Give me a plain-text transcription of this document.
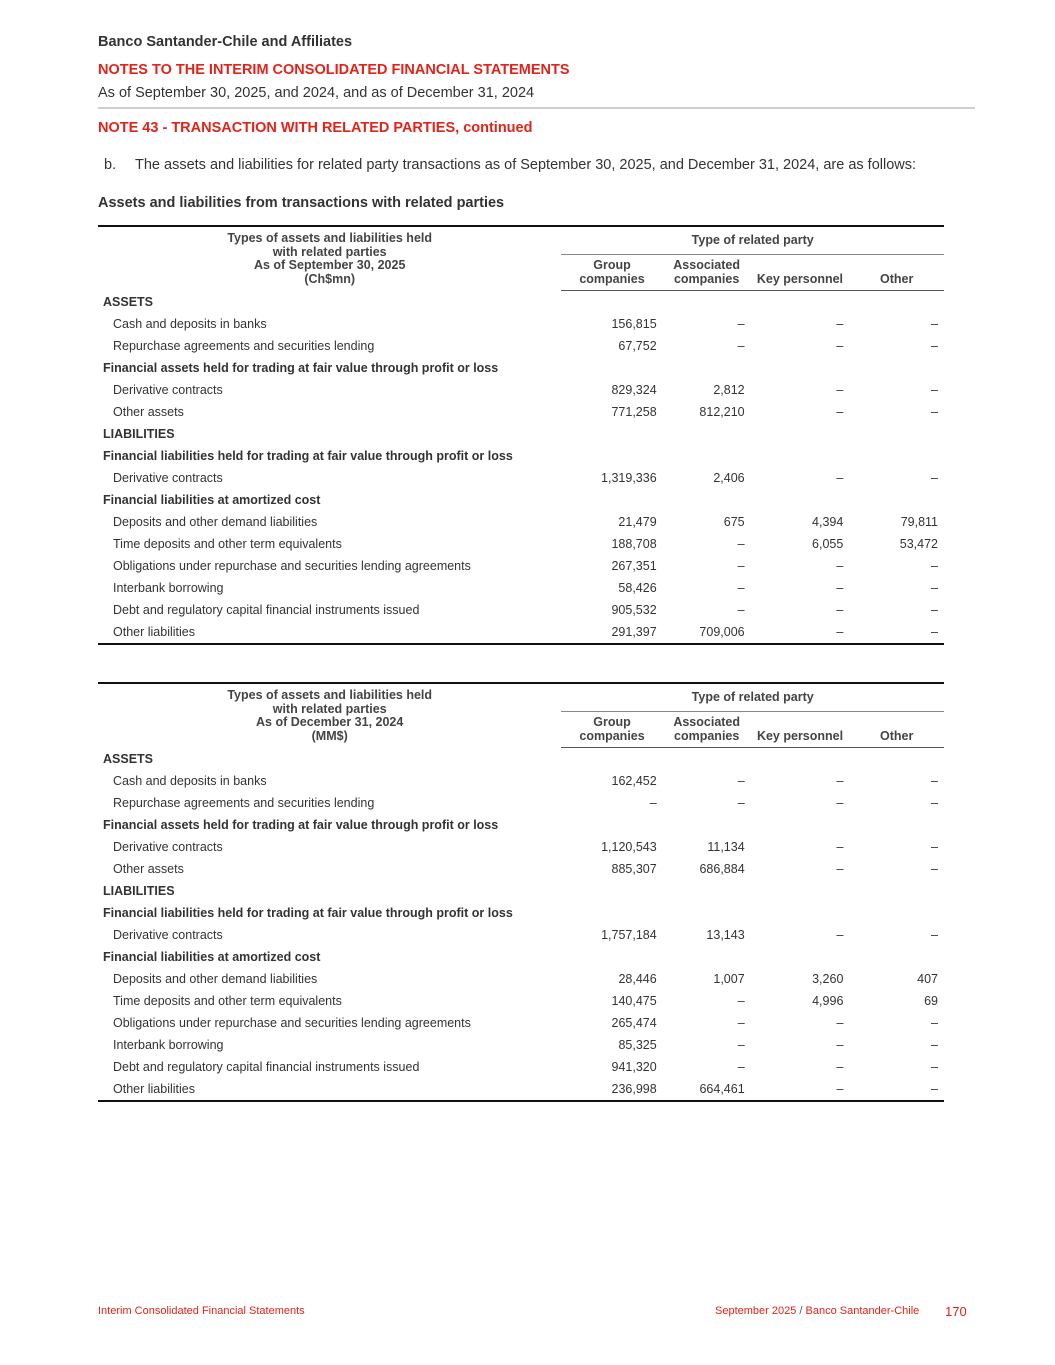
Banco Santander-Chile and Affiliates
NOTES TO THE INTERIM CONSOLIDATED FINANCIAL STATEMENTS
As of September 30, 2025, and 2024, and as of December 31, 2024
NOTE 43 - TRANSACTION WITH RELATED PARTIES, continued
b. The assets and liabilities for related party transactions as of September 30, 2025, and December 31, 2024, are as follows:
Assets and liabilities from transactions with related parties
Types of assets and liabilities held
with related parties
As of September 30, 2025
(Ch$mn)	Type of related party			
	Group companies	Associated companies	Key personnel	Other
ASSETS				
Cash and deposits in banks	156,815	–	–	–
Repurchase agreements and securities lending	67,752	–	–	–
Financial assets held for trading at fair value through profit or loss				
Derivative contracts	829,324	2,812	–	–
Other assets	771,258	812,210	–	–
LIABILITIES				
Financial liabilities held for trading at fair value through profit or loss				
Derivative contracts	1,319,336	2,406	–	–
Financial liabilities at amortized cost				
Deposits and other demand liabilities	21,479	675	4,394	79,811
Time deposits and other term equivalents	188,708	–	6,055	53,472
Obligations under repurchase and securities lending agreements	267,351	–	–	–
Interbank borrowing	58,426	–	–	–
Debt and regulatory capital financial instruments issued	905,532	–	–	–
Other liabilities	291,397	709,006	–	–
Types of assets and liabilities held
with related parties
As of December 31, 2024
(MM$)	Type of related party			
	Group companies	Associated companies	Key personnel	Other
ASSETS				
Cash and deposits in banks	162,452	–	–	–
Repurchase agreements and securities lending	–	–	–	–
Financial assets held for trading at fair value through profit or loss				
Derivative contracts	1,120,543	11,134	–	–
Other assets	885,307	686,884	–	–
LIABILITIES				
Financial liabilities held for trading at fair value through profit or loss				
Derivative contracts	1,757,184	13,143	–	–
Financial liabilities at amortized cost				
Deposits and other demand liabilities	28,446	1,007	3,260	407
Time deposits and other term equivalents	140,475	–	4,996	69
Obligations under repurchase and securities lending agreements	265,474	–	–	–
Interbank borrowing	85,325	–	–	–
Debt and regulatory capital financial instruments issued	941,320	–	–	–
Other liabilities	236,998	664,461	–	–
Interim Consolidated Financial Statements	September 2025 / Banco Santander-Chile 170
